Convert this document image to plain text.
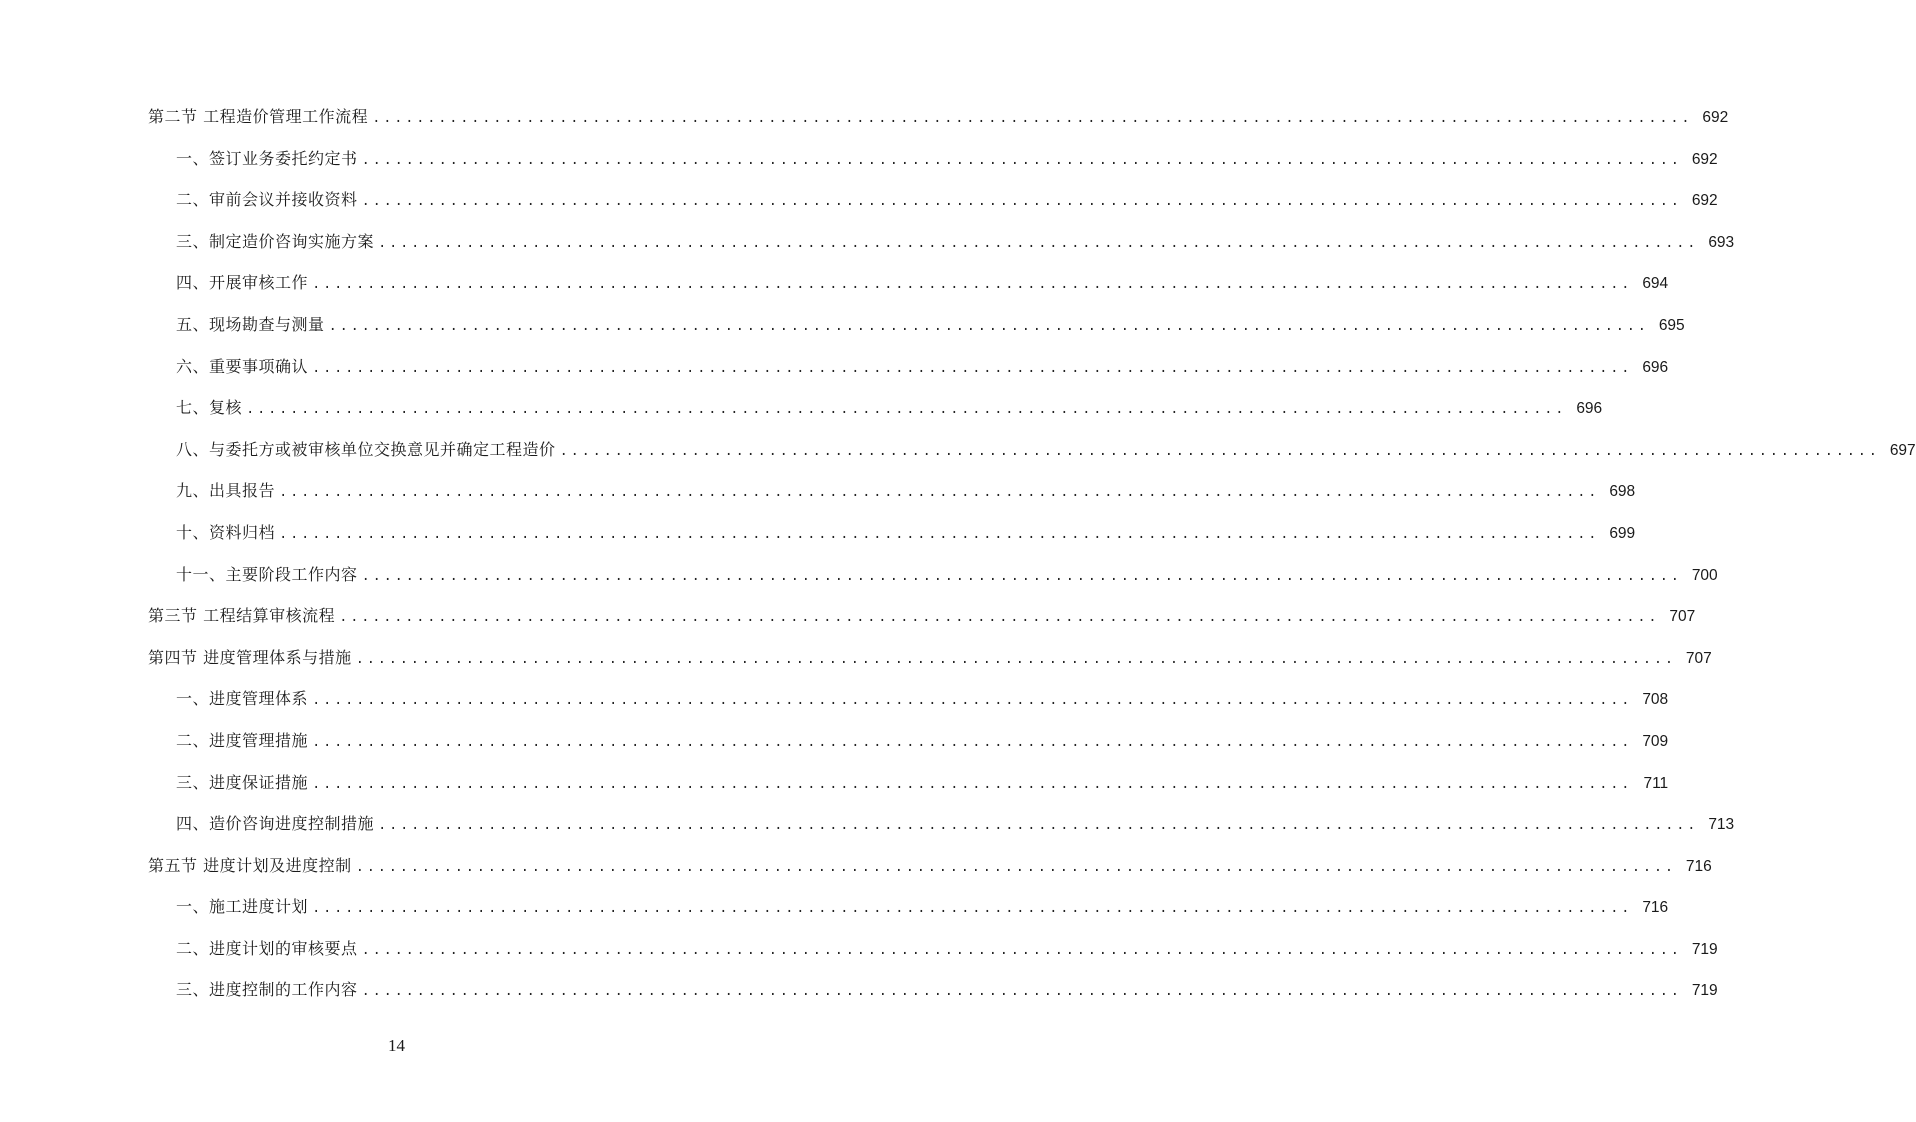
第二节 工程造价管理工作流程 ........................................................................................................................ 692
一、签订业务委托约定书 ........................................................................................................................ 692
二、审前会议并接收资料 ........................................................................................................................ 692
三、制定造价咨询实施方案 ........................................................................................................................ 693
四、开展审核工作 ........................................................................................................................ 694
五、现场勘查与测量 ........................................................................................................................ 695
六、重要事项确认 ........................................................................................................................ 696
七、复核 ........................................................................................................................ 696
八、与委托方或被审核单位交换意见并确定工程造价 ........................................................................................................................ 697
九、出具报告 ........................................................................................................................ 698
十、资料归档 ........................................................................................................................ 699
十一、主要阶段工作内容 ........................................................................................................................ 700
第三节 工程结算审核流程 ........................................................................................................................ 707
第四节 进度管理体系与措施 ........................................................................................................................ 707
一、进度管理体系 ........................................................................................................................ 708
二、进度管理措施 ........................................................................................................................ 709
三、进度保证措施 ........................................................................................................................ 711
四、造价咨询进度控制措施 ........................................................................................................................ 713
第五节 进度计划及进度控制 ........................................................................................................................ 716
一、施工进度计划 ........................................................................................................................ 716
二、进度计划的审核要点 ........................................................................................................................ 719
三、进度控制的工作内容 ........................................................................................................................ 719
14
